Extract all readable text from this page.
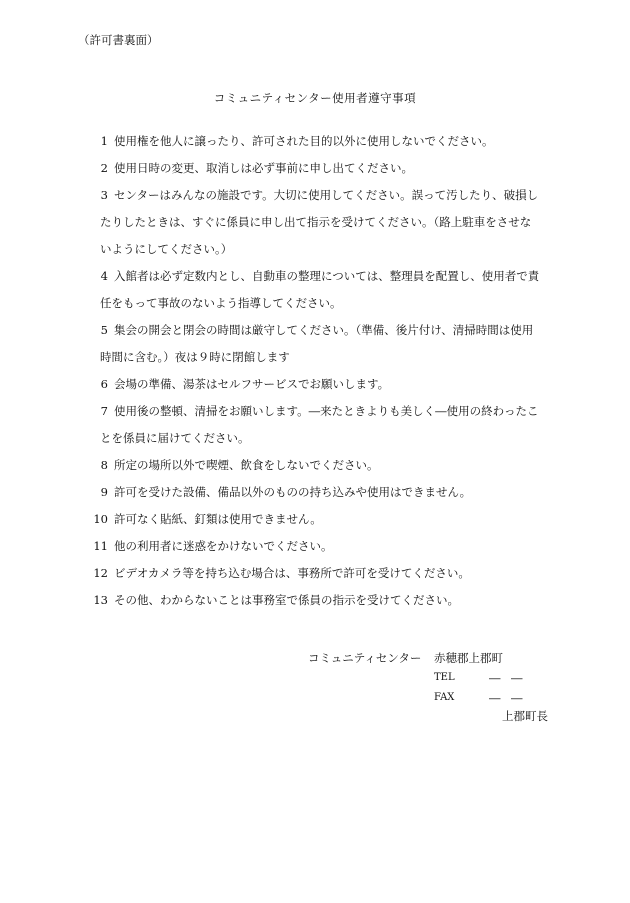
（許可書裏面）
コミュニティセンター使用者遵守事項
1 使用権を他人に譲ったり、許可された目的以外に使用しないでください。
2 使用日時の変更、取消しは必ず事前に申し出てください。
3 センターはみんなの施設です。大切に使用してください。誤って汚したり、破損し
たりしたときは、すぐに係員に申し出て指示を受けてください。（路上駐車をさせな
いようにしてください。）
4 入館者は必ず定数内とし、自動車の整理については、整理員を配置し、使用者で責
任をもって事故のないよう指導してください。
5 集会の開会と閉会の時間は厳守してください。（準備、後片付け、清掃時間は使用
時間に含む。）夜は９時に閉館します
6 会場の準備、湯茶はセルフサービスでお願いします。
7 使用後の整頓、清掃をお願いします。―来たときよりも美しく―使用の終わったこ
とを係員に届けてください。
8 所定の場所以外で喫煙、飲食をしないでください。
9 許可を受けた設備、備品以外のものの持ち込みや使用はできません。
10 許可なく貼紙、釘類は使用できません。
11 他の利用者に迷惑をかけないでください。
12 ビデオカメラ等を持ち込む場合は、事務所で許可を受けてください。
13 その他、わからないことは事務室で係員の指示を受けてください。
コミュニティセンター 赤穂郡上郡町
TEL	― ―
FAX	― ―
上郡町長
